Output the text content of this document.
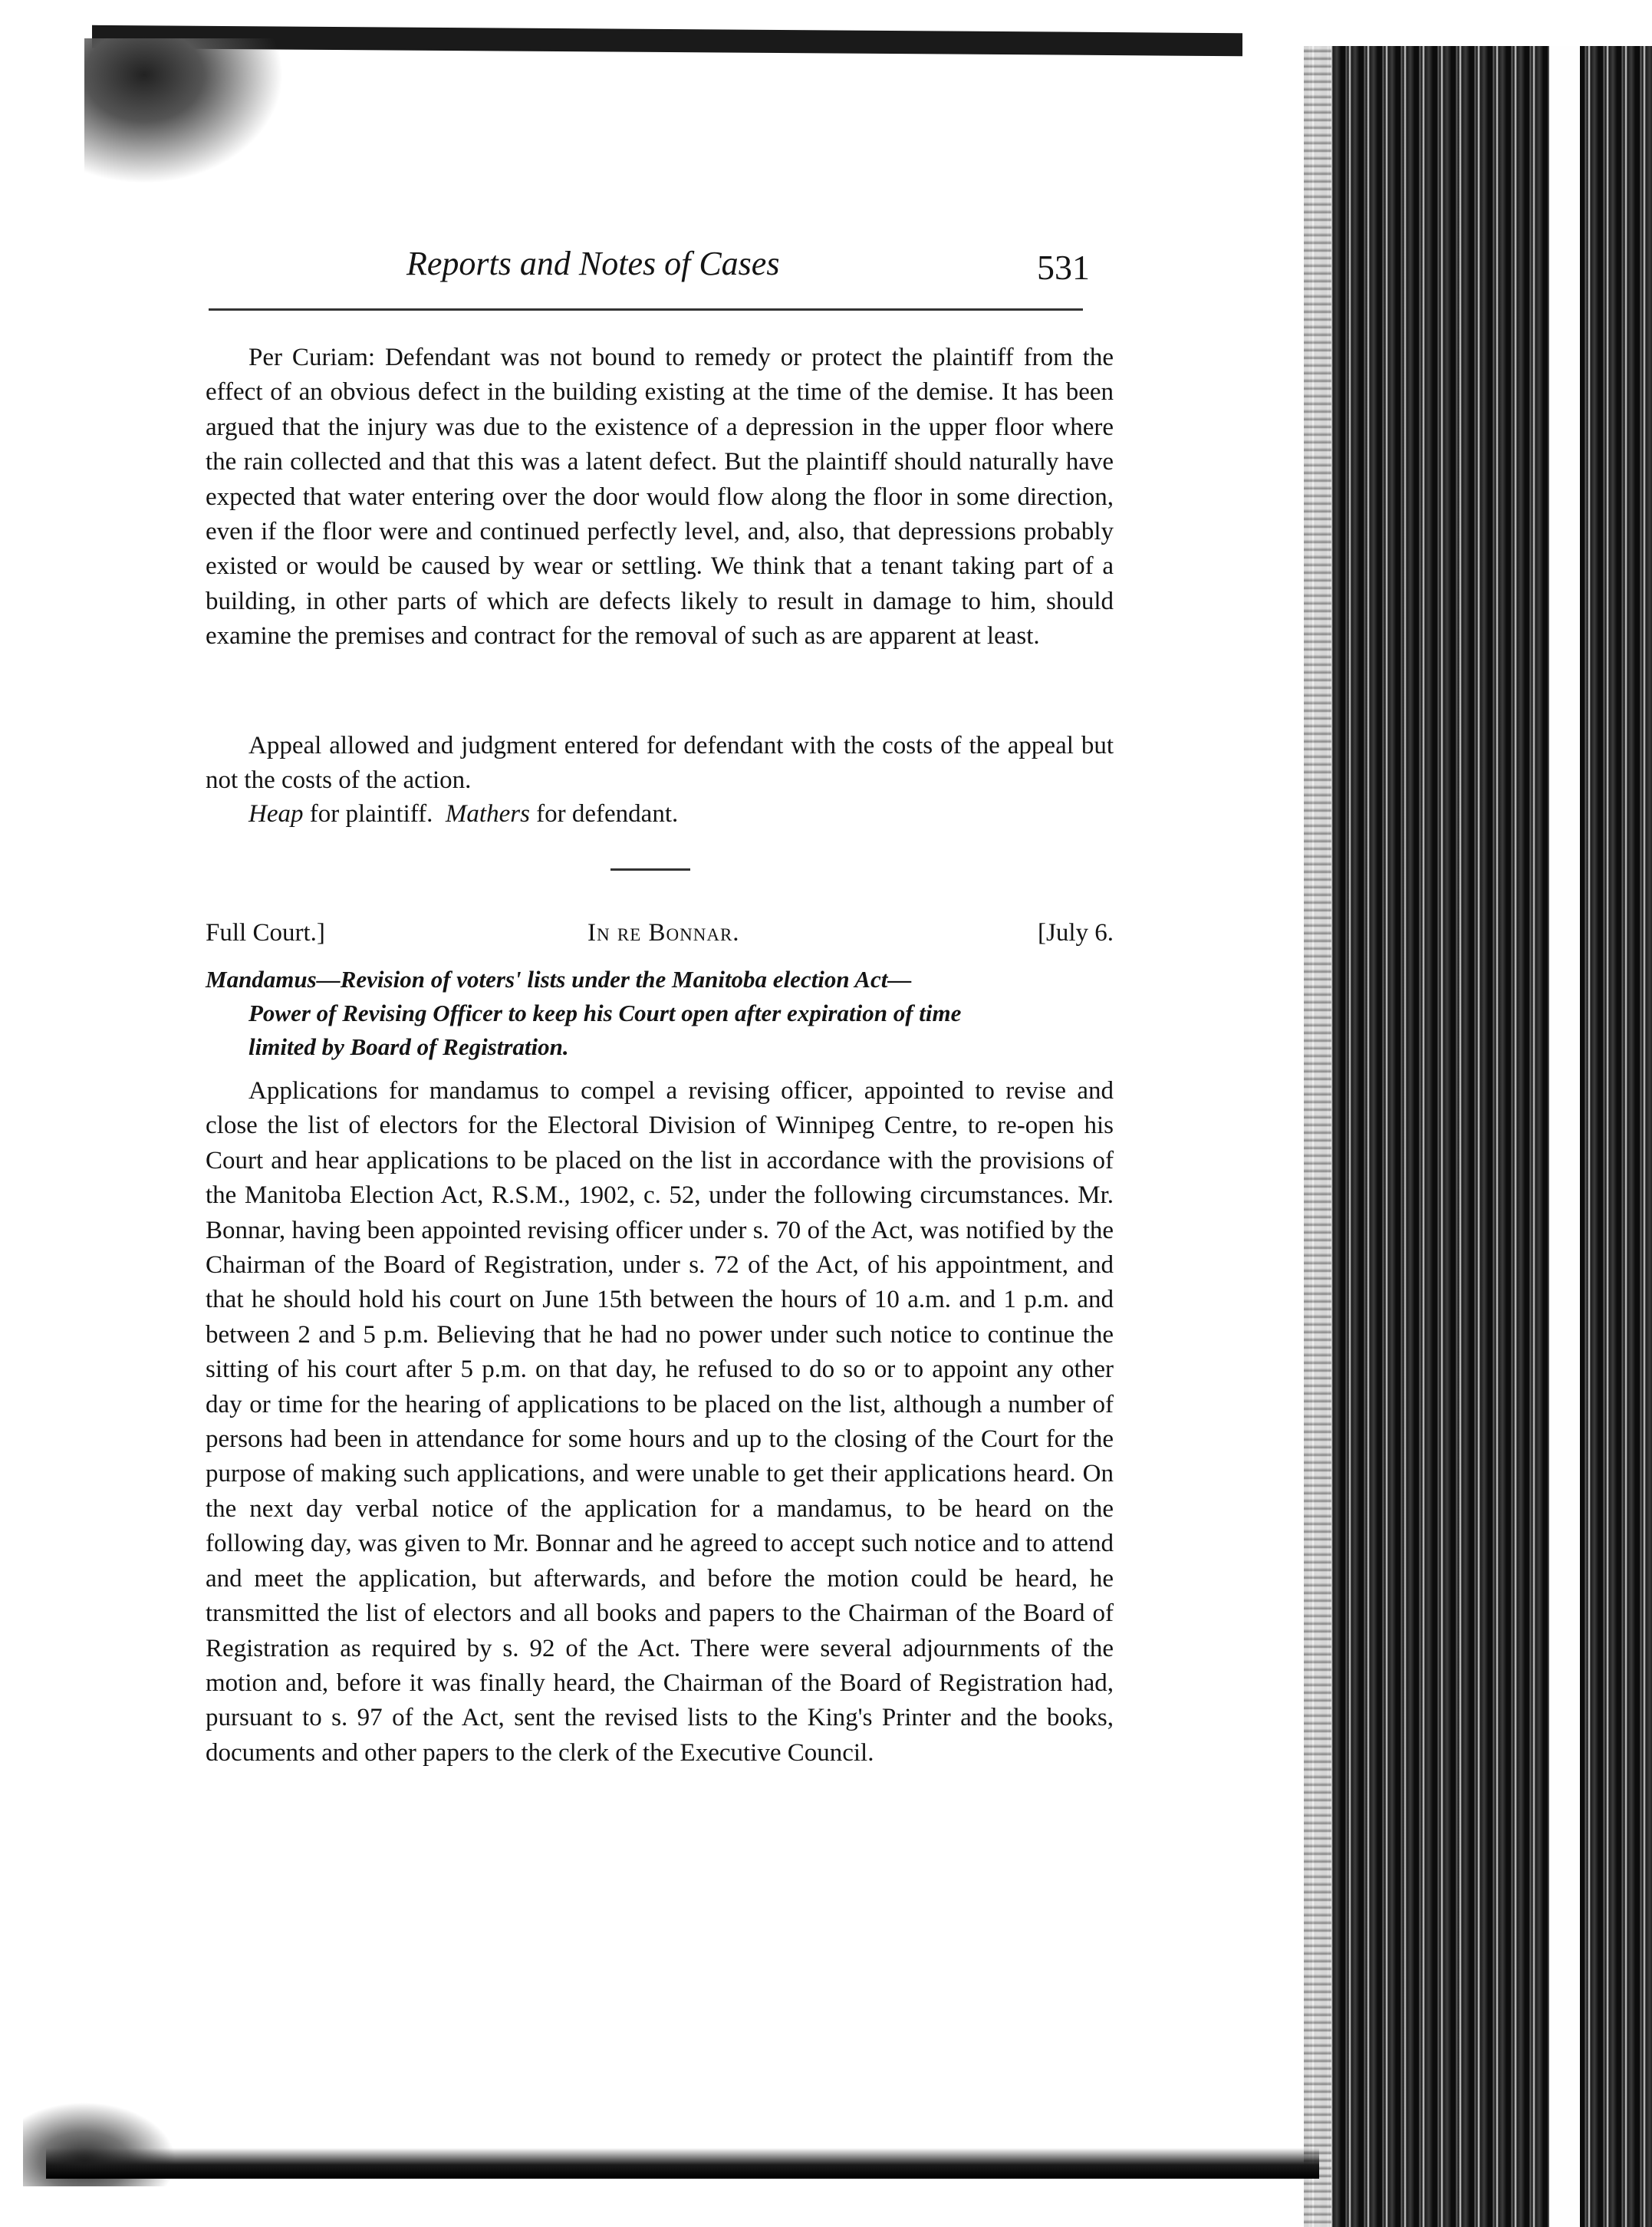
Reports and Notes of Cases	531

Per Curiam: Defendant was not bound to remedy or protect the plaintiff from the effect of an obvious defect in the building existing at the time of the demise. It has been argued that the injury was due to the existence of a depression in the upper floor where the rain collected and that this was a latent defect. But the plaintiff should naturally have expected that water entering over the door would flow along the floor in some direction, even if the floor were and continued perfectly level, and, also, that depressions probably existed or would be caused by wear or settling. We think that a tenant taking part of a building, in other parts of which are defects likely to result in damage to him, should examine the premises and contract for the removal of such as are apparent at least.

Appeal allowed and judgment entered for defendant with the costs of the appeal but not the costs of the action.

Heap for plaintiff. Mathers for defendant.

Full Court.]	In re Bonnar.	[July 6.
Mandamus—Revision of voters' lists under the Manitoba election Act—
Power of Revising Officer to keep his Court open after expiration of time
limited by Board of Registration.

Applications for mandamus to compel a revising officer, appointed to revise and close the list of electors for the Electoral Division of Winnipeg Centre, to re-open his Court and hear applications to be placed on the list in accordance with the provisions of the Manitoba Election Act, R.S.M., 1902, c. 52, under the following circumstances. Mr. Bonnar, having been appointed revising officer under s. 70 of the Act, was notified by the Chairman of the Board of Registration, under s. 72 of the Act, of his appointment, and that he should hold his court on June 15th between the hours of 10 a.m. and 1 p.m. and between 2 and 5 p.m. Believing that he had no power under such notice to continue the sitting of his court after 5 p.m. on that day, he refused to do so or to appoint any other day or time for the hearing of applications to be placed on the list, although a number of persons had been in attendance for some hours and up to the closing of the Court for the purpose of making such applications, and were unable to get their applications heard. On the next day verbal notice of the application for a mandamus, to be heard on the following day, was given to Mr. Bonnar and he agreed to accept such notice and to attend and meet the application, but afterwards, and before the motion could be heard, he transmitted the list of electors and all books and papers to the Chairman of the Board of Registration as required by s. 92 of the Act. There were several adjournments of the motion and, before it was finally heard, the Chairman of the Board of Registration had, pursuant to s. 97 of the Act, sent the revised lists to the King's Printer and the books, documents and other papers to the clerk of the Executive Council.
